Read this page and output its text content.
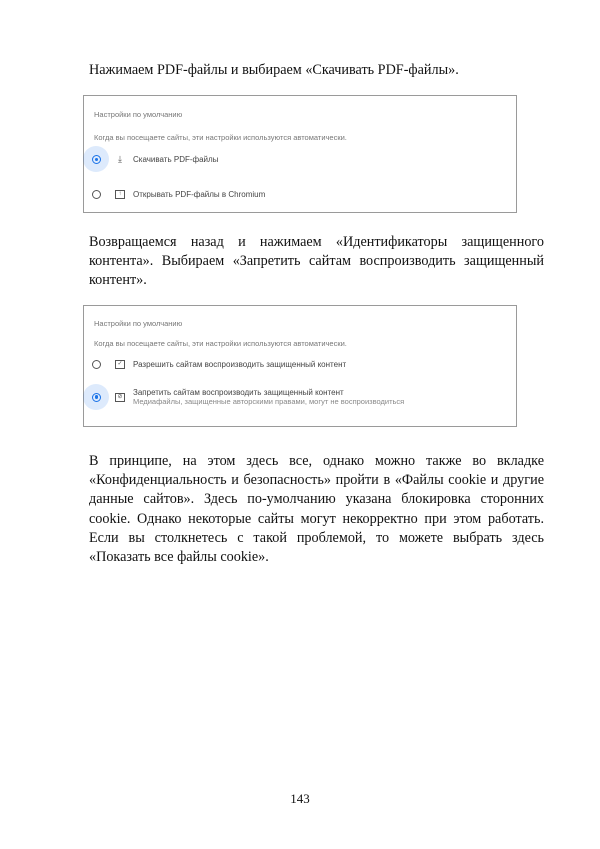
Нажимаем PDF-файлы и выбираем «Скачивать PDF-файлы».
Настройки по умолчанию
Когда вы посещаете сайты, эти настройки используются автоматически.
⤓	Скачивать PDF-файлы
↑	Открывать PDF-файлы в Chromium
Возвращаемся назад и нажимаем «Идентификаторы защищенного контента». Выбираем «Запретить сайтам воспроизводить защищенный контент».
Настройки по умолчанию
Когда вы посещаете сайты, эти настройки используются автоматически.
✓	Разрешить сайтам воспроизводить защищенный контент
⊘	Запретить сайтам воспроизводить защищенный контент
Медиафайлы, защищенные авторскими правами, могут не воспроизводиться
В принципе, на этом здесь все, однако можно также во вкладке «Конфиденциальность и безопасность» пройти в «Файлы cookie и другие данные сайтов». Здесь по-умолчанию указана блокировка сторонних cookie. Однако некоторые сайты могут некорректно при этом работать. Если вы столкнетесь с такой проблемой, то можете выбрать здесь «Показать все файлы cookie».
143
